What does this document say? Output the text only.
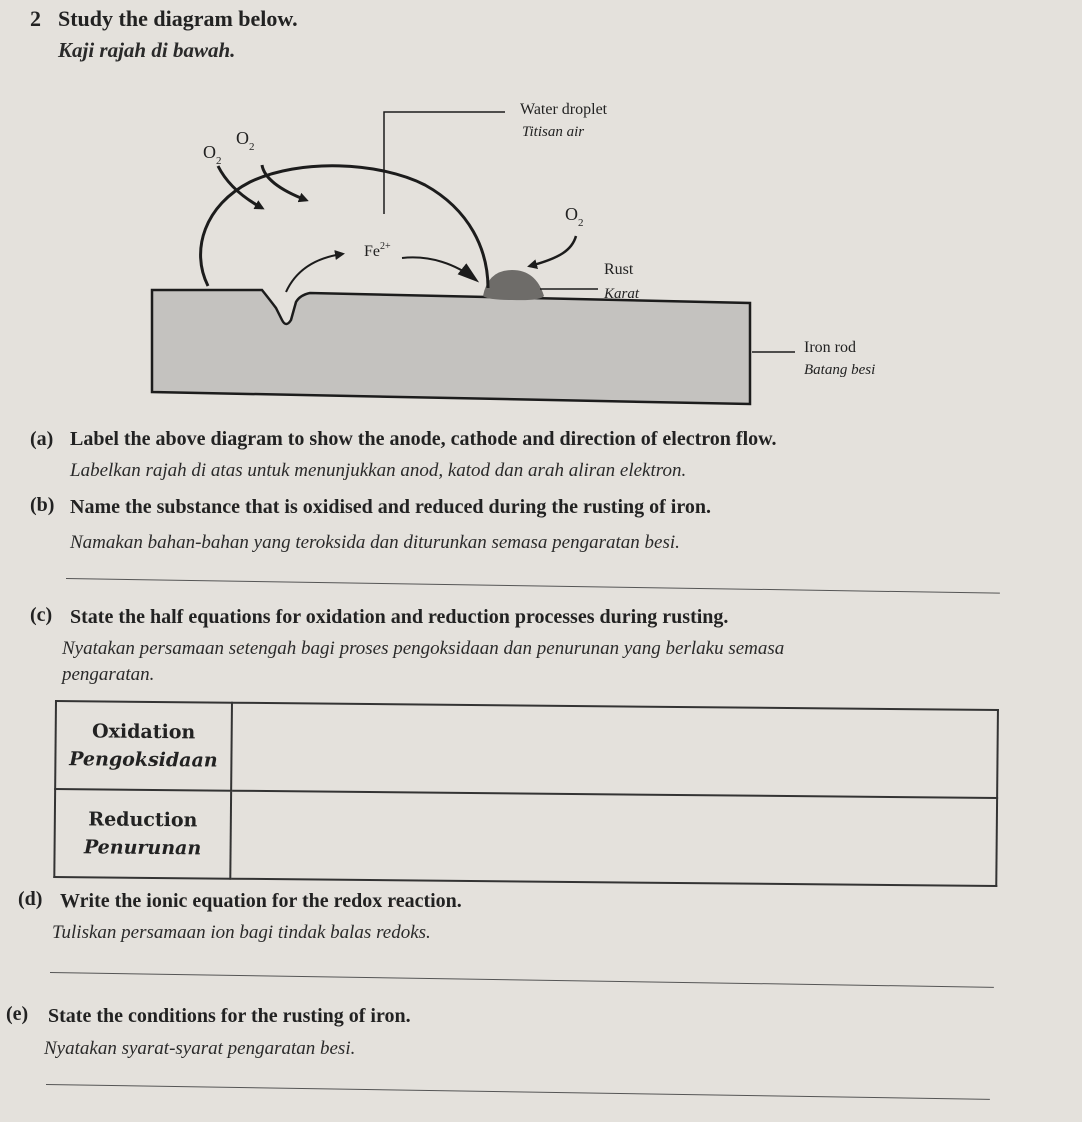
2 Study the diagram below.
Kaji rajah di bawah.
Water droplet
Titisan air
$O_2$
$O_2$
$O_2$
$Fe^{2+}$
Rust
Karat
Iron rod
Batang besi
(a) Label the above diagram to show the anode, cathode and direction of electron flow.
Labelkan rajah di atas untuk menunjukkan anod, katod dan arah aliran elektron.
(b) Name the substance that is oxidised and reduced during the rusting of iron.
Namakan bahan-bahan yang teroksida dan diturunkan semasa pengaratan besi.
(c) State the half equations for oxidation and reduction processes during rusting.
Nyatakan persamaan setengah bagi proses pengoksidaan dan penurunan yang berlaku semasa
pengaratan.
Oxidation
Pengoksidaan	
Reduction
Penurunan	
(d) Write the ionic equation for the redox reaction.
Tuliskan persamaan ion bagi tindak balas redoks.
(e) State the conditions for the rusting of iron.
Nyatakan syarat-syarat pengaratan besi.
